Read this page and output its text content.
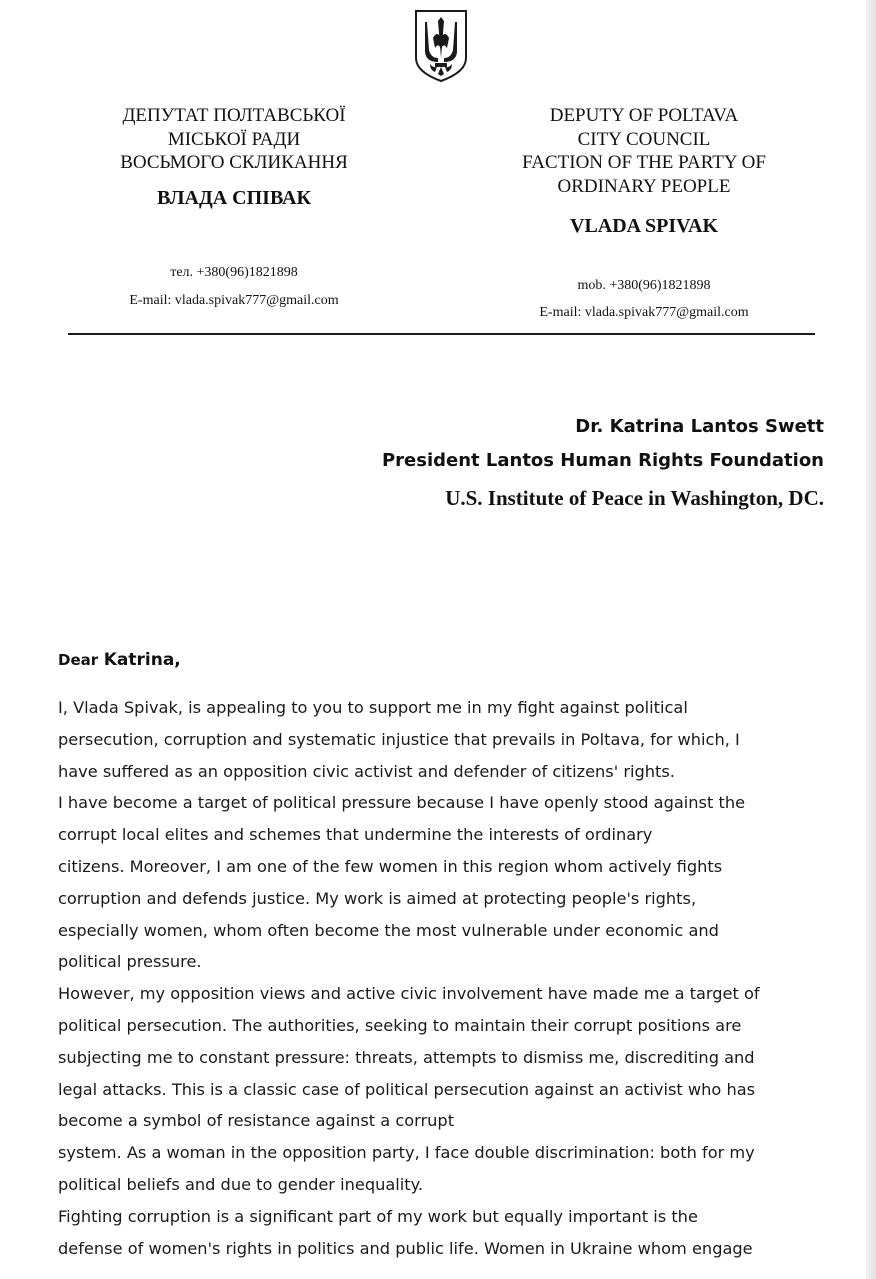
ДЕПУТАТ ПОЛТАВСЬКОЇ
МІСЬКОЇ РАДИ
ВОСЬМОГО СКЛИКАННЯ
ВЛАДА СПІВАК
тел. +380(96)1821898
E-mail: vlada.spivak777@gmail.com
DEPUTY OF POLTAVA
CITY COUNCIL
FACTION OF THE PARTY OF
ORDINARY PEOPLE
VLADA SPIVAK
mob. +380(96)1821898
E-mail: vlada.spivak777@gmail.com
Dr. Katrina Lantos Swett
President Lantos Human Rights Foundation
U.S. Institute of Peace in Washington, DC.
Dear Katrina,
I, Vlada Spivak, is appealing to you to support me in my fight against political
persecution, corruption and systematic injustice that prevails in Poltava, for which, I
have suffered as an opposition civic activist and defender of citizens' rights.
I have become a target of political pressure because I have openly stood against the
corrupt local elites and schemes that undermine the interests of ordinary
citizens. Moreover, I am one of the few women in this region whom actively fights
corruption and defends justice. My work is aimed at protecting people's rights,
especially women, whom often become the most vulnerable under economic and
political pressure.
However, my opposition views and active civic involvement have made me a target of
political persecution. The authorities, seeking to maintain their corrupt positions are
subjecting me to constant pressure: threats, attempts to dismiss me, discrediting and
legal attacks. This is a classic case of political persecution against an activist who has
become a symbol of resistance against a corrupt
system. As a woman in the opposition party, I face double discrimination: both for my
political beliefs and due to gender inequality.
Fighting corruption is a significant part of my work but equally important is the
defense of women's rights in politics and public life. Women in Ukraine whom engage
